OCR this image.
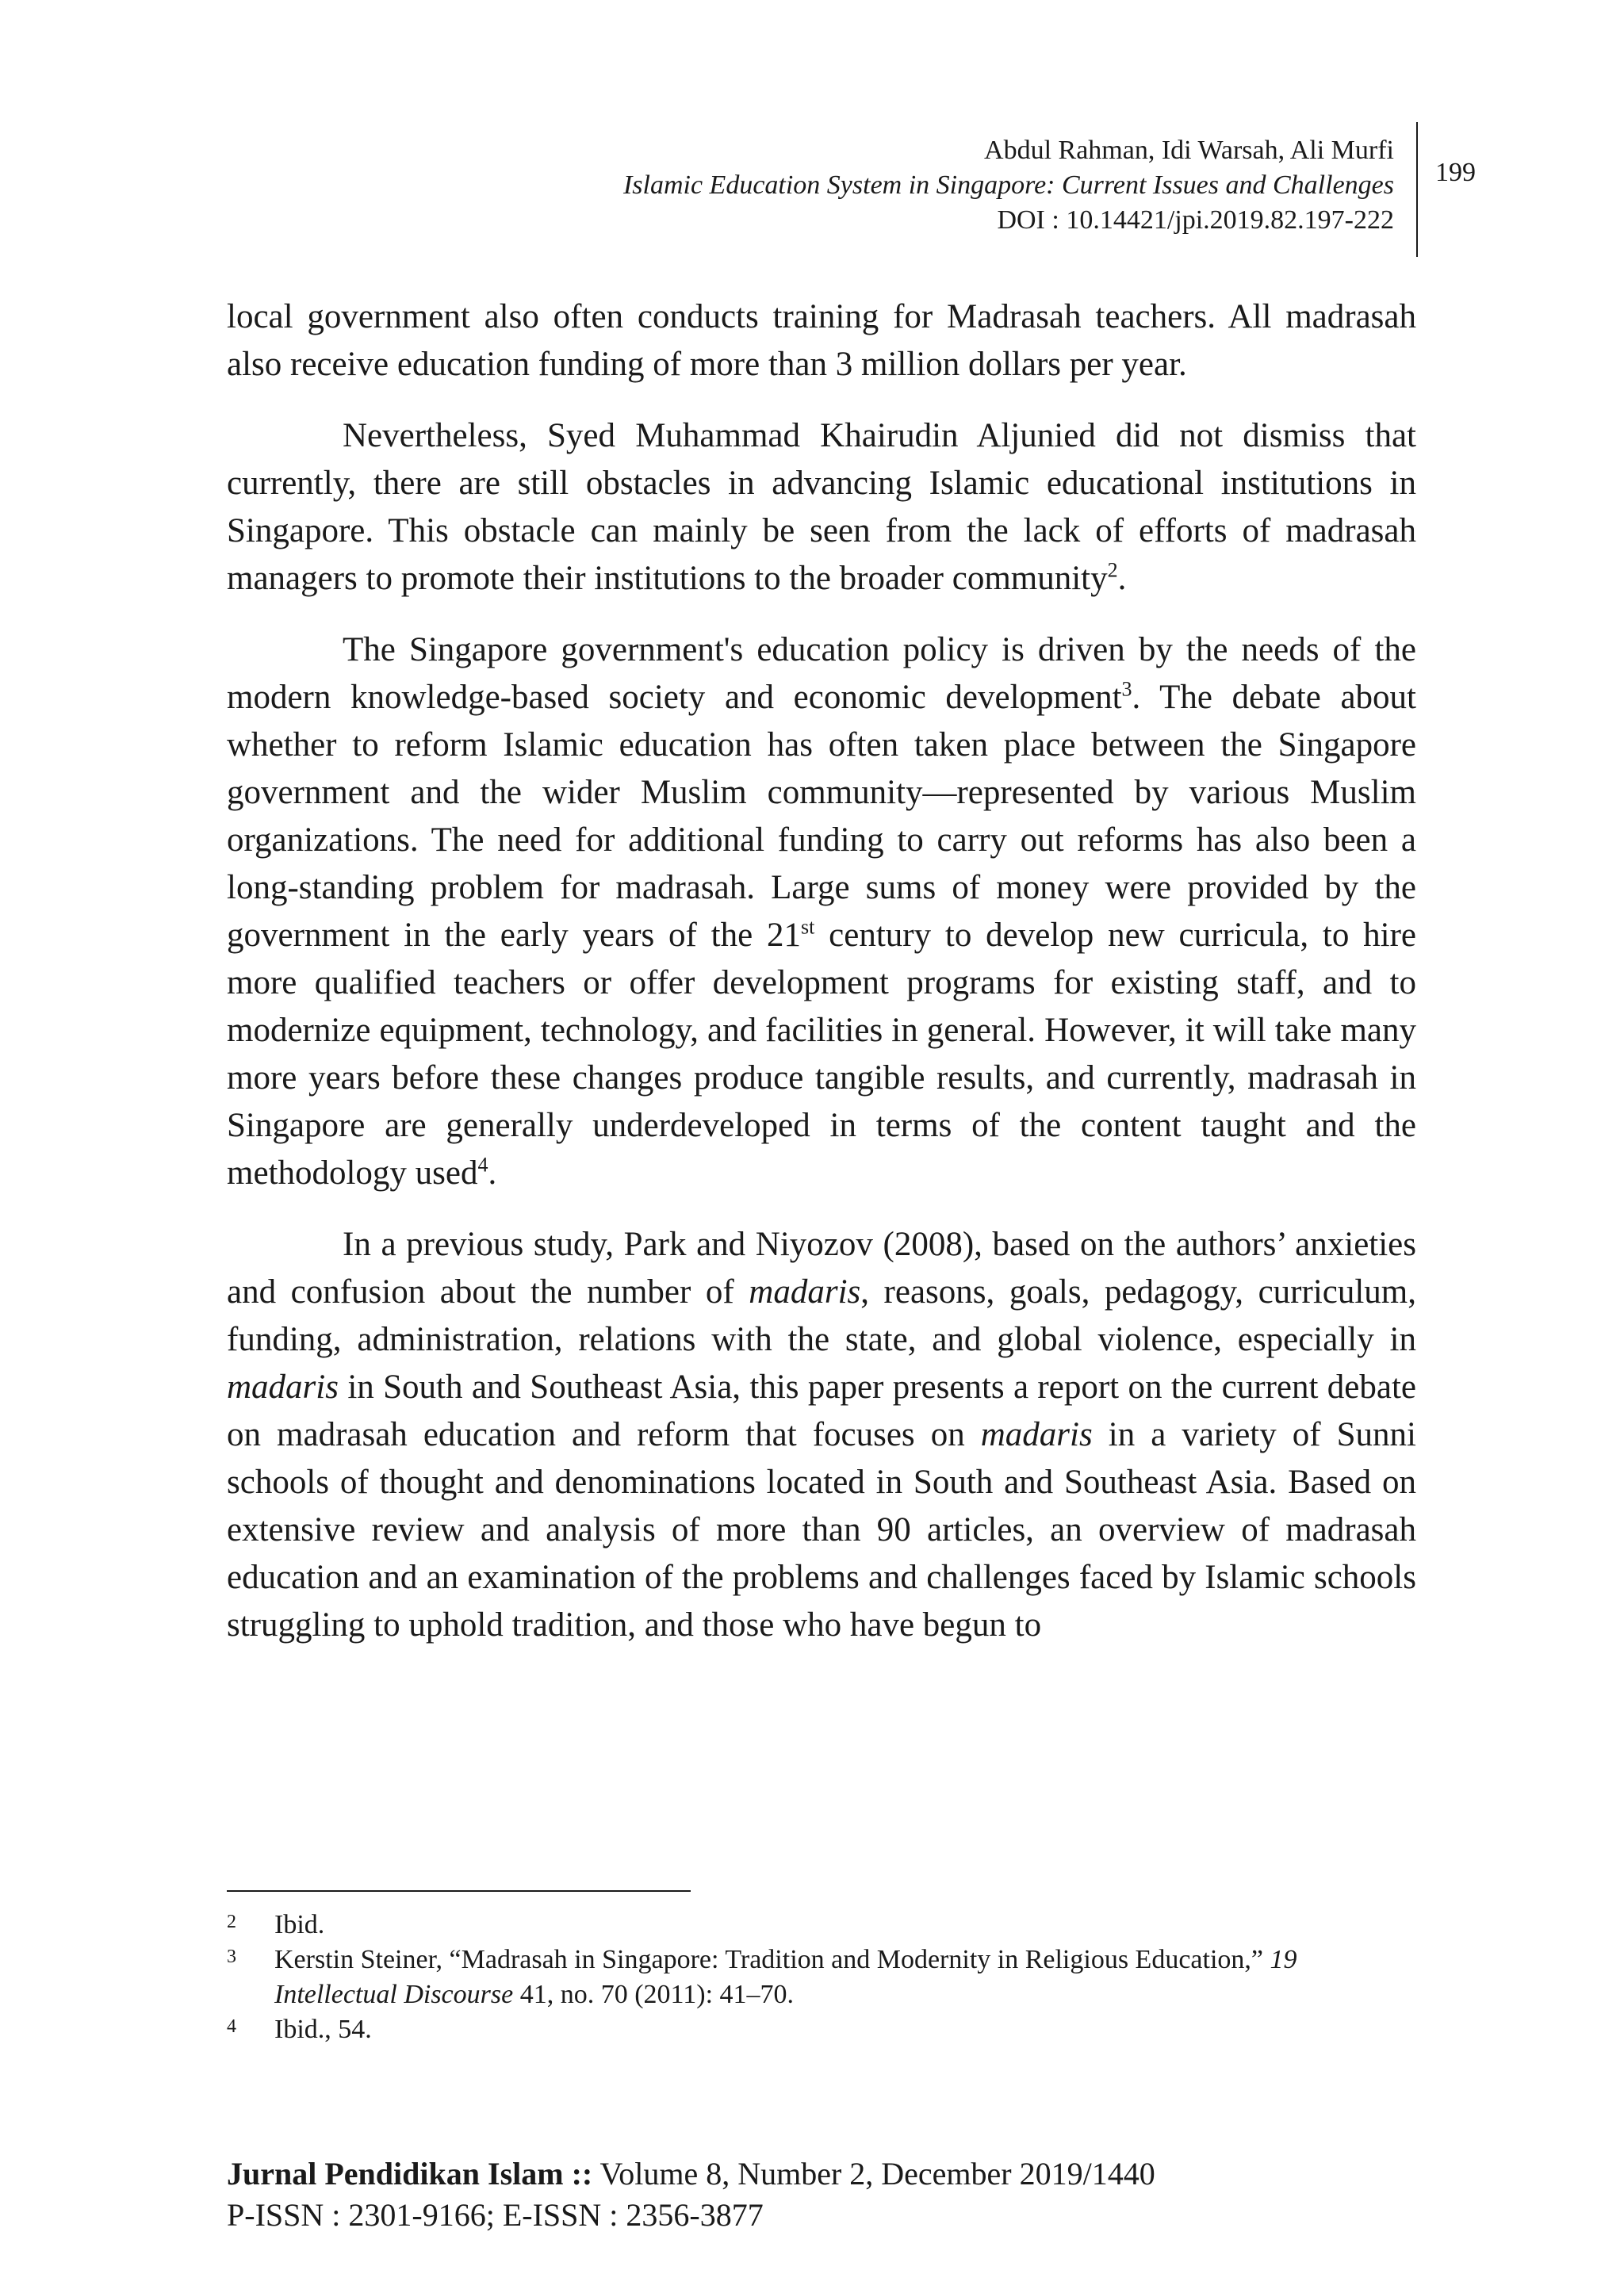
Abdul Rahman, Idi Warsah, Ali Murfi
Islamic Education System in Singapore: Current Issues and Challenges
DOI : 10.14421/jpi.2019.82.197-222
199

local government also often conducts training for Madrasah teachers. All madrasah also receive education funding of more than 3 million dollars per year.

Nevertheless, Syed Muhammad Khairudin Aljunied did not dismiss that currently, there are still obstacles in advancing Islamic educational institutions in Singapore. This obstacle can mainly be seen from the lack of efforts of madrasah managers to promote their institutions to the broader community$^2$.

The Singapore government's education policy is driven by the needs of the modern knowledge-based society and economic development$^3$. The debate about whether to reform Islamic education has often taken place between the Singapore government and the wider Muslim community—represented by various Muslim organizations. The need for additional funding to carry out reforms has also been a long-standing problem for madrasah. Large sums of money were provided by the government in the early years of the 21st century to develop new curricula, to hire more qualified teachers or offer development programs for existing staff, and to modernize equipment, technology, and facilities in general. However, it will take many more years before these changes produce tangible results, and currently, madrasah in Singapore are generally underdeveloped in terms of the content taught and the methodology used$^4$.

In a previous study, Park and Niyozov (2008), based on the authors’ anxieties and confusion about the number of madaris, reasons, goals, pedagogy, curriculum, funding, administration, relations with the state, and global violence, especially in madaris in South and Southeast Asia, this paper presents a report on the current debate on madrasah education and reform that focuses on madaris in a variety of Sunni schools of thought and denominations located in South and Southeast Asia. Based on extensive review and analysis of more than 90 articles, an overview of madrasah education and an examination of the problems and challenges faced by Islamic schools struggling to uphold tradition, and those who have begun to

2	Ibid.
3	Kerstin Steiner, “Madrasah in Singapore: Tradition and Modernity in Religious Education,” 19 Intellectual Discourse 41, no. 70 (2011): 41–70.
4	Ibid., 54.
Jurnal Pendidikan Islam :: Volume 8, Number 2, December 2019/1440
P-ISSN : 2301-9166; E-ISSN : 2356-3877
